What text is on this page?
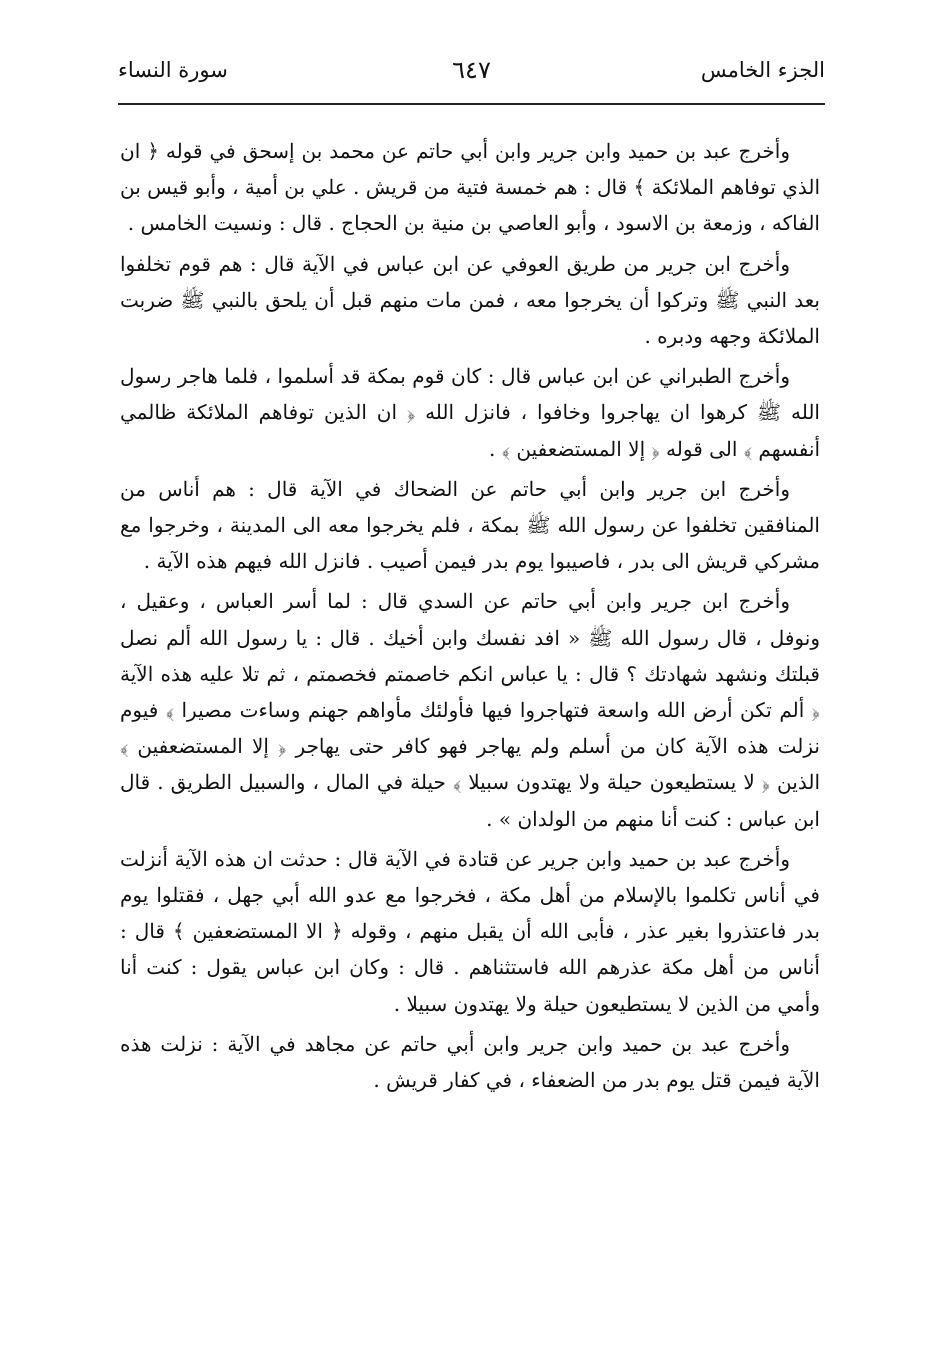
الجزء الخامس
٦٤٧
سورة النساء

وأخرج عبد بن حميد وابن جرير وابن أبي حاتم عن محمد بن إسحق في قوله ﴿ ان الذي توفاهم الملائكة ﴾ قال : هم خمسة فتية من قريش . علي بن أمية ، وأبو قيس بن الفاكه ، وزمعة بن الاسود ، وأبو العاصي بن منية بن الحجاج . قال : ونسيت الخامس .

وأخرج ابن جرير من طريق العوفي عن ابن عباس في الآية قال : هم قوم تخلفوا بعد النبي ﷺ وتركوا أن يخرجوا معه ، فمن مات منهم قبل أن يلحق بالنبي ﷺ ضربت الملائكة وجهه ودبره .

وأخرج الطبراني عن ابن عباس قال : كان قوم بمكة قد أسلموا ، فلما هاجر رسول الله ﷺ كرهوا ان يهاجروا وخافوا ، فانزل الله ﴿ ان الذين توفاهم الملائكة ظالمي أنفسهم ﴾ الى قوله ﴿ إلا المستضعفين ﴾ .

وأخرج ابن جرير وابن أبي حاتم عن الضحاك في الآية قال : هم أناس من المنافقين تخلفوا عن رسول الله ﷺ بمكة ، فلم يخرجوا معه الى المدينة ، وخرجوا مع مشركي قريش الى بدر ، فاصيبوا يوم بدر فيمن أصيب . فانزل الله فيهم هذه الآية .

وأخرج ابن جرير وابن أبي حاتم عن السدي قال : لما أسر العباس ، وعقيل ، ونوفل ، قال رسول الله ﷺ « افد نفسك وابن أخيك . قال : يا رسول الله ألم نصل قبلتك ونشهد شهادتك ؟ قال : يا عباس انكم خاصمتم فخصمتم ، ثم تلا عليه هذه الآية ﴿ ألم تكن أرض الله واسعة فتهاجروا فيها فأولئك مأواهم جهنم وساءت مصيرا ﴾ فيوم نزلت هذه الآية كان من أسلم ولم يهاجر فهو كافر حتى يهاجر ﴿ إلا المستضعفين ﴾ الذين ﴿ لا يستطيعون حيلة ولا يهتدون سبيلا ﴾ حيلة في المال ، والسبيل الطريق . قال ابن عباس : كنت أنا منهم من الولدان » .

وأخرج عبد بن حميد وابن جرير عن قتادة في الآية قال : حدثت ان هذه الآية أنزلت في أناس تكلموا بالإسلام من أهل مكة ، فخرجوا مع عدو الله أبي جهل ، فقتلوا يوم بدر فاعتذروا بغير عذر ، فأبى الله أن يقبل منهم ، وقوله ﴿ الا المستضعفين ﴾ قال : أناس من أهل مكة عذرهم الله فاستثناهم . قال : وكان ابن عباس يقول : كنت أنا وأمي من الذين لا يستطيعون حيلة ولا يهتدون سبيلا .

وأخرج عبد بن حميد وابن جرير وابن أبي حاتم عن مجاهد في الآية : نزلت هذه الآية فيمن قتل يوم بدر من الضعفاء ، في كفار قريش .
